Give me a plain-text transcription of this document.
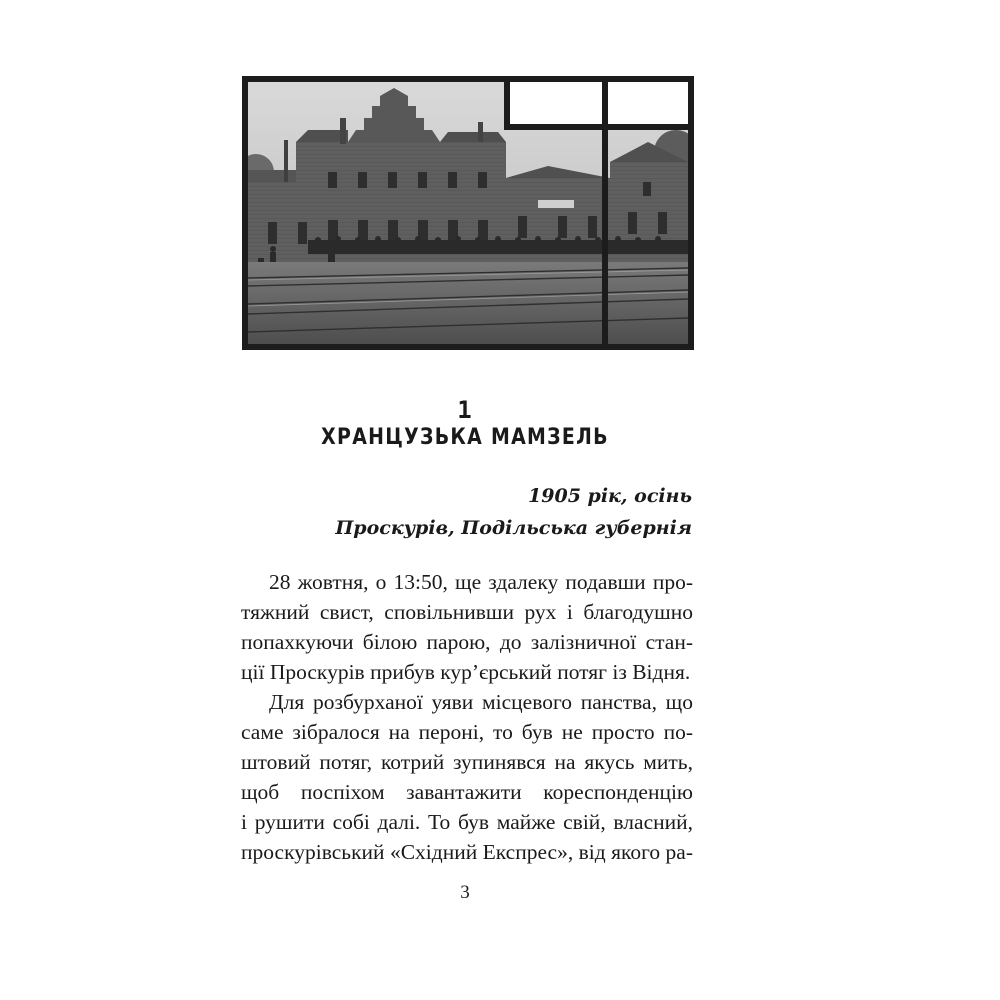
1
ХРАНЦУЗЬКА МАМЗЕЛЬ
1905 рік, осінь
Проскурів, Подільська губернія
28 жовтня, о 13:50, ще здалеку подавши про-
тяжний свист, сповільнивши рух і благодушно
попахкуючи білою парою, до залізничної стан-
ції Проскурів прибув кур’єрський потяг із Відня.
Для розбурханої уяви місцевого панства, що
саме зібралося на пероні, то був не просто по-
штовий потяг, котрий зупинявся на якусь мить,
щоб поспіхом завантажити кореспонденцію
і рушити собі далі. То був майже свій, власний,
проскурівський «Східний Експрес», від якого ра-
3
